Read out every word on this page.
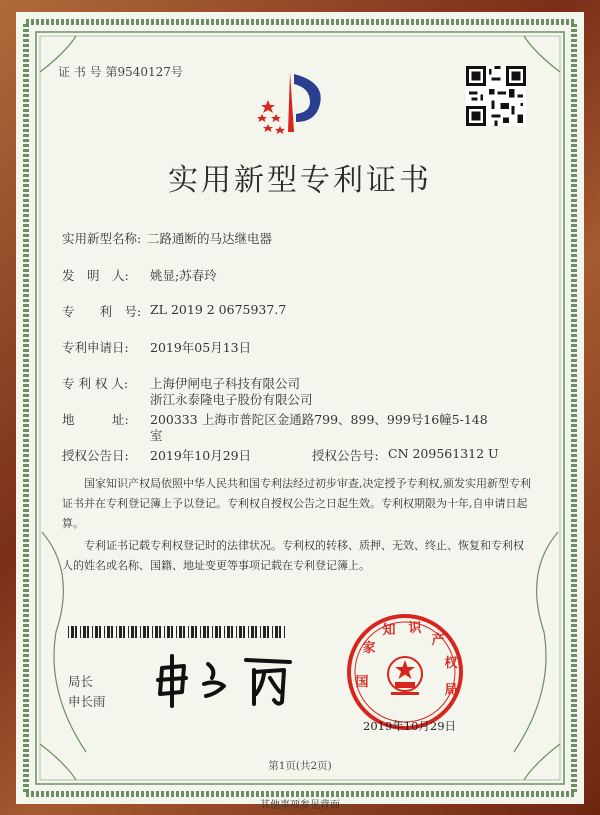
证 书 号 第9540127号
实用新型专利证书
实用新型名称: 二路通断的马达继电器
发　明　人: 姚显;苏春玲
专　　利　号: ZL 2019 2 0675937.7
专利申请日: 2019年05月13日
专 利 权 人: 上海伊闸电子科技有限公司
浙江永泰隆电子股份有限公司
地　　　址: 200333 上海市普陀区金通路799、899、999号16幢5-148
室
授权公告日: 2019年10月29日	授权公告号: CN 209561312 U
国家知识产权局依照中华人民共和国专利法经过初步审查,决定授予专利权,颁发实用新型专利证书并在专利登记簿上予以登记。专利权自授权公告之日起生效。专利权期限为十年,自申请日起算。
专利证书记载专利权登记时的法律状况。专利权的转移、质押、无效、终止、恢复和专利权人的姓名或名称、国籍、地址变更等事项记载在专利登记簿上。
局长
申长雨
国
家
知 识
产
权
局
2019年10月29日
第1页(共2页)
其他事项参见背面
